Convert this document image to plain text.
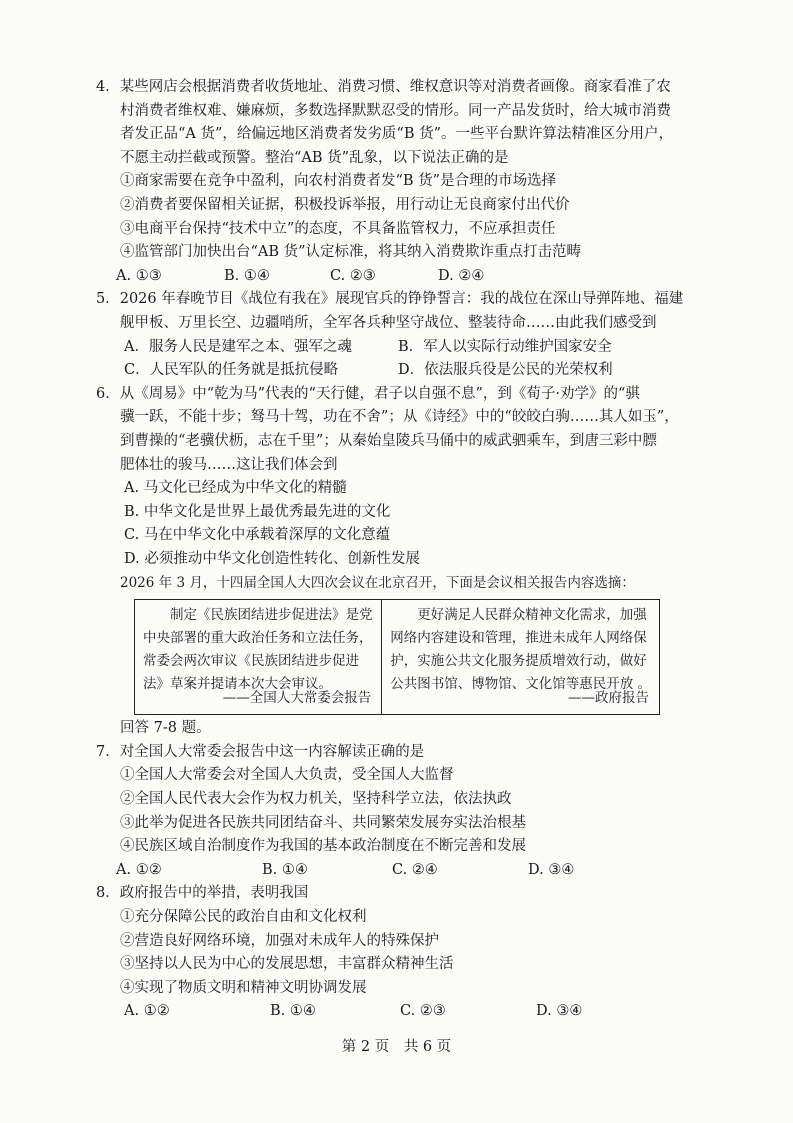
4．某些网店会根据消费者收货地址、消费习惯、维权意识等对消费者画像。商家看准了农
村消费者维权难、嫌麻烦，多数选择默默忍受的情形。同一产品发货时，给大城市消费
者发正品“A 货”，给偏远地区消费者发劣质“B 货”。一些平台默许算法精准区分用户，
不愿主动拦截或预警。整治“AB 货”乱象，以下说法正确的是
①商家需要在竞争中盈利，向农村消费者发“B 货”是合理的市场选择
②消费者要保留相关证据，积极投诉举报，用行动让无良商家付出代价
③电商平台保持“技术中立”的态度，不具备监管权力，不应承担责任
④监管部门加快出台“AB 货”认定标准，将其纳入消费欺诈重点打击范畴
A. ①③	B. ①④	C. ②③	D. ②④
5．2026 年春晚节目《战位有我在》展现官兵的铮铮誓言：我的战位在深山导弹阵地、福建
舰甲板、万里长空、边疆哨所，全军各兵种坚守战位、整装待命……由此我们感受到
A．服务人民是建军之本、强军之魂	B．军人以实际行动维护国家安全
C．人民军队的任务就是抵抗侵略	D．依法服兵役是公民的光荣权利
6．从《周易》中“乾为马”代表的“天行健，君子以自强不息”，到《荀子·劝学》的“骐
骥一跃，不能十步；驽马十驾，功在不舍”；从《诗经》中的“皎皎白驹……其人如玉”，
到曹操的“老骥伏枥，志在千里”；从秦始皇陵兵马俑中的威武驷乘车，到唐三彩中膘
肥体壮的骏马……这让我们体会到
A. 马文化已经成为中华文化的精髓
B. 中华文化是世界上最优秀最先进的文化
C. 马在中华文化中承载着深厚的文化意蕴
D. 必须推动中华文化创造性转化、创新性发展
2026 年 3 月，十四届全国人大四次会议在北京召开，下面是会议相关报告内容选摘：
　　制定《民族团结进步促进法》是党
中央部署的重大政治任务和立法任务，
常委会两次审议《民族团结进步促进
法》草案并提请本次大会审议。
——全国人大常委会报告
　　更好满足人民群众精神文化需求，加强
网络内容建设和管理，推进未成年人网络保
护，实施公共文化服务提质增效行动，做好
公共图书馆、博物馆、文化馆等惠民开放 。
——政府报告
回答 7-8 题。
7．对全国人大常委会报告中这一内容解读正确的是
①全国人大常委会对全国人大负责，受全国人大监督
②全国人民代表大会作为权力机关，坚持科学立法，依法执政
③此举为促进各民族共同团结奋斗、共同繁荣发展夯实法治根基
④民族区域自治制度作为我国的基本政治制度在不断完善和发展
A. ①②	B. ①④	C. ②④	D. ③④
8．政府报告中的举措，表明我国
①充分保障公民的政治自由和文化权利
②营造良好网络环境，加强对未成年人的特殊保护
③坚持以人民为中心的发展思想，丰富群众精神生活
第 2 页　共 6 页
④实现了物质文明和精神文明协调发展
A. ①②	B. ①④	C. ②③	D. ③④
